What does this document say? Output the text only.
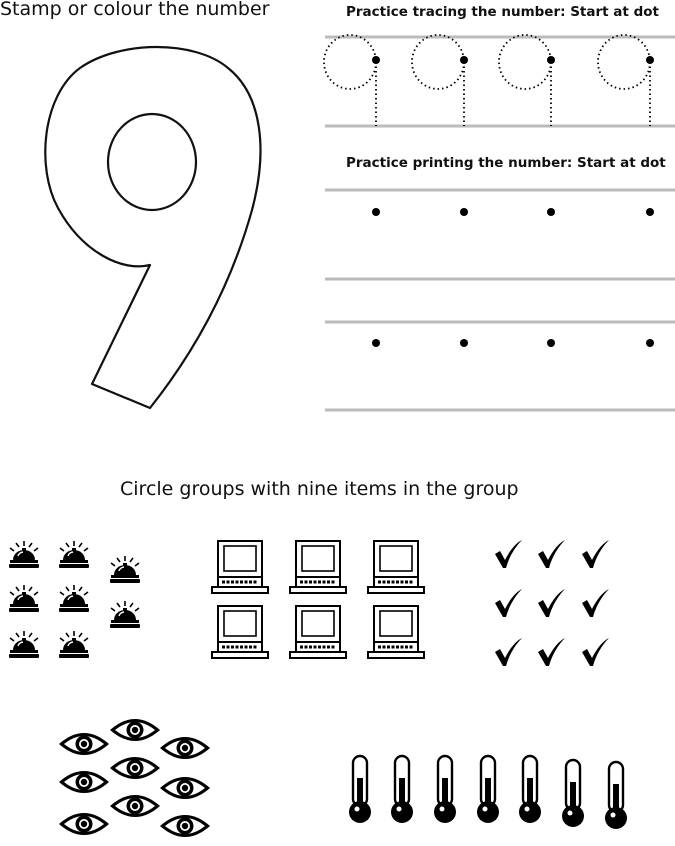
Stamp or colour the number	Practice tracing the number: Start at dot
Practice printing the number: Start at dot
Circle groups with nine items in the group
